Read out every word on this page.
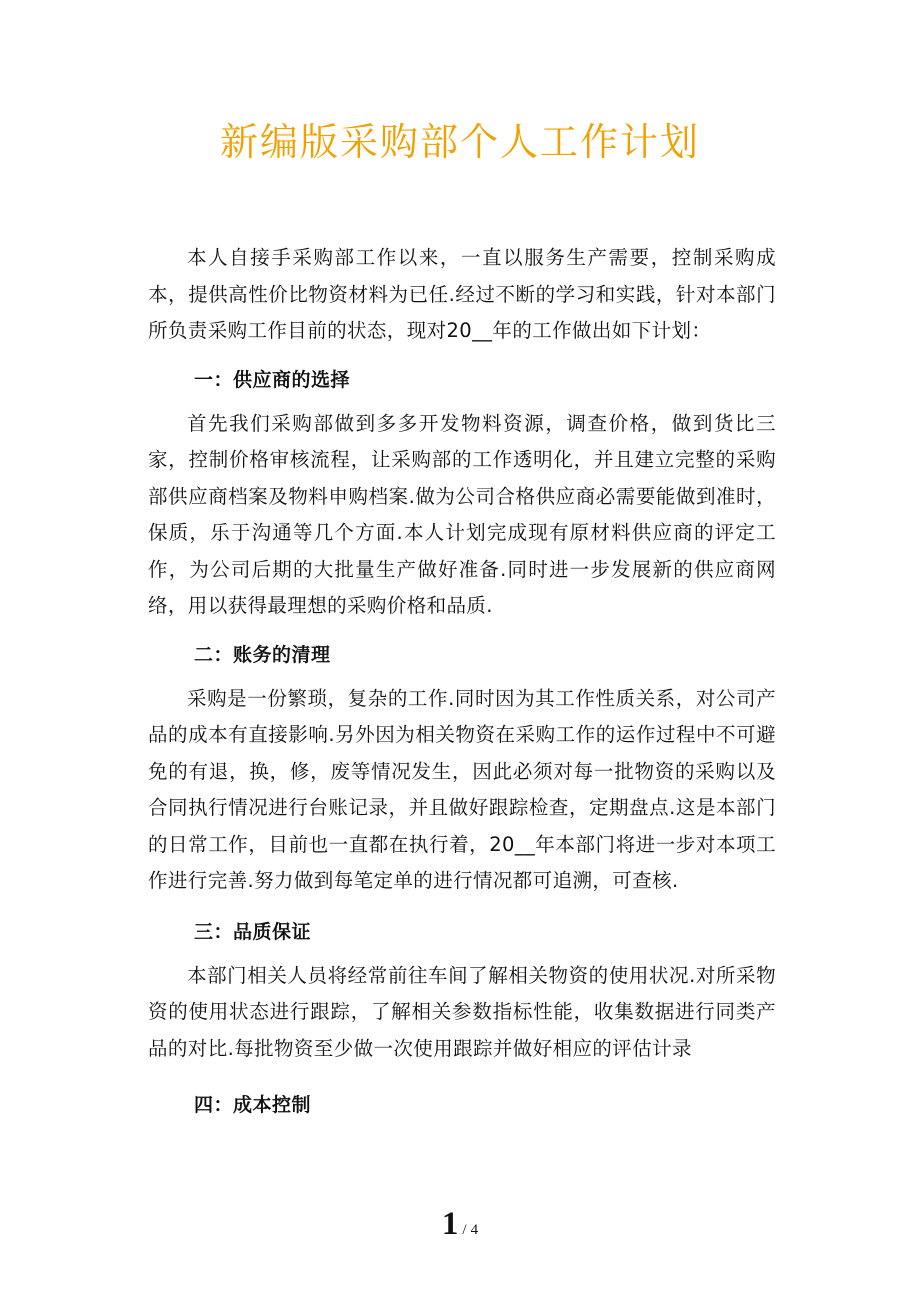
新编版采购部个人工作计划

本人自接手采购部工作以来，一直以服务生产需要，控制采购成本，提供高性价比物资材料为已任.经过不断的学习和实践，针对本部门所负责采购工作目前的状态，现对20__年的工作做出如下计划：

一：供应商的选择

首先我们采购部做到多多开发物料资源，调查价格，做到货比三家，控制价格审核流程，让采购部的工作透明化，并且建立完整的采购部供应商档案及物料申购档案.做为公司合格供应商必需要能做到准时，保质，乐于沟通等几个方面.本人计划完成现有原材料供应商的评定工作，为公司后期的大批量生产做好准备.同时进一步发展新的供应商网络，用以获得最理想的采购价格和品质.

二：账务的清理

采购是一份繁琐，复杂的工作.同时因为其工作性质关系，对公司产品的成本有直接影响.另外因为相关物资在采购工作的运作过程中不可避免的有退，换，修，废等情况发生，因此必须对每一批物资的采购以及合同执行情况进行台账记录，并且做好跟踪检查，定期盘点.这是本部门的日常工作，目前也一直都在执行着，20__年本部门将进一步对本项工作进行完善.努力做到每笔定单的进行情况都可追溯，可查核.

三：品质保证

本部门相关人员将经常前往车间了解相关物资的使用状况.对所采物资的使用状态进行跟踪，了解相关参数指标性能，收集数据进行同类产品的对比.每批物资至少做一次使用跟踪并做好相应的评估计录

四：成本控制
1 / 4
